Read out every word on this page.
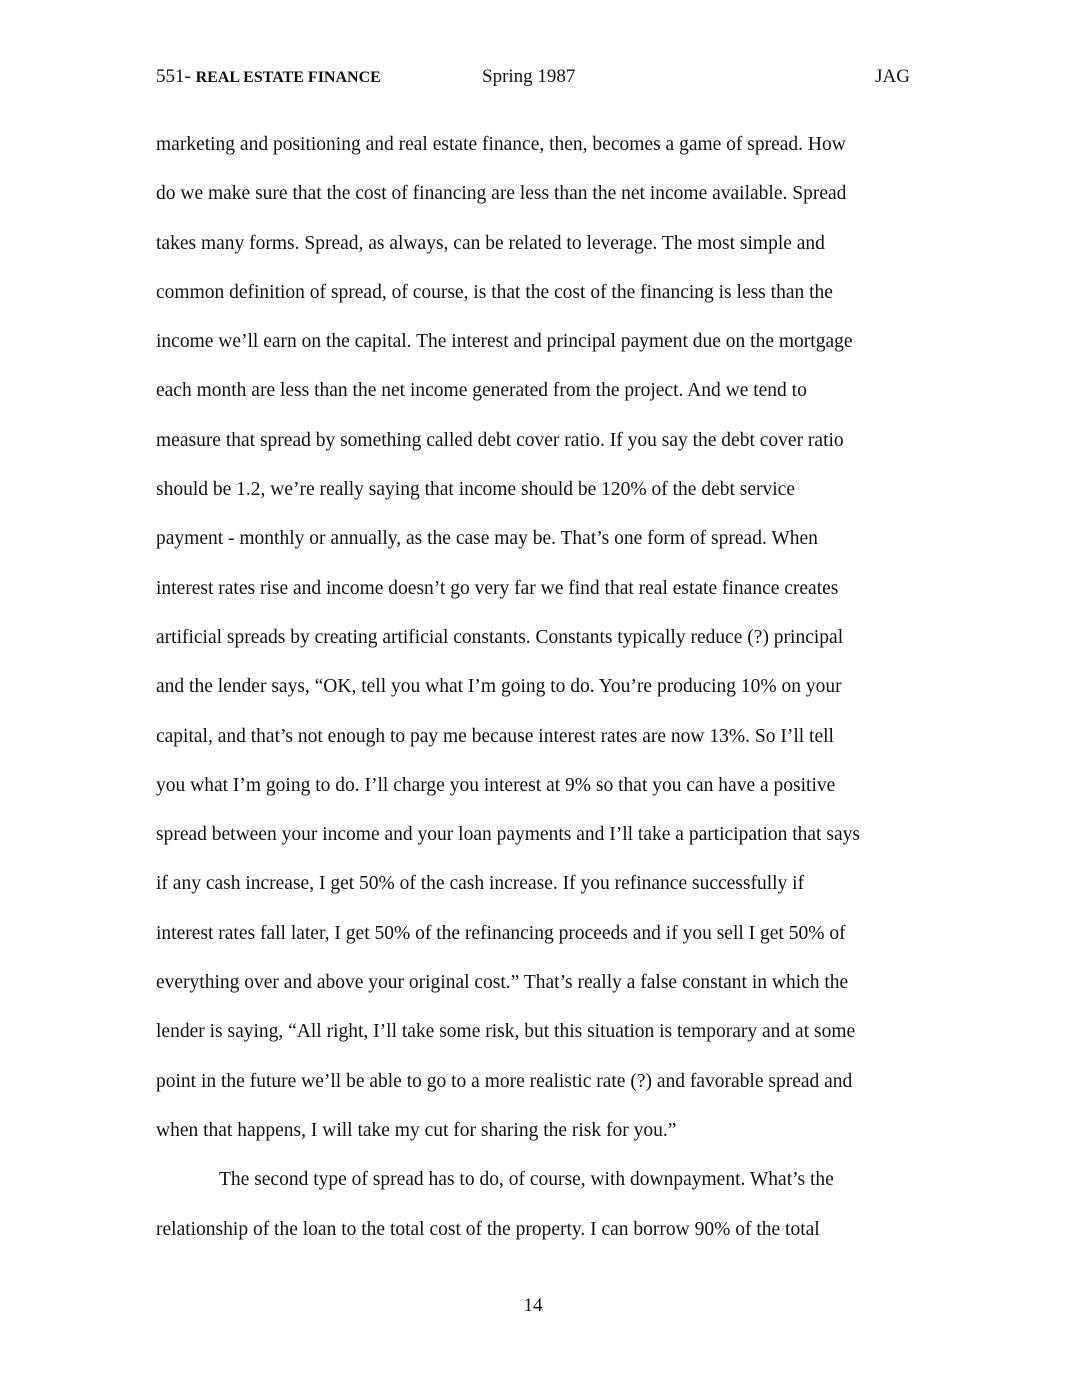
551- REAL ESTATE FINANCE	Spring 1987	JAG
marketing and positioning and real estate finance, then, becomes a game of spread. How
do we make sure that the cost of financing are less than the net income available. Spread
takes many forms. Spread, as always, can be related to leverage. The most simple and
common definition of spread, of course, is that the cost of the financing is less than the
income we’ll earn on the capital. The interest and principal payment due on the mortgage
each month are less than the net income generated from the project. And we tend to
measure that spread by something called debt cover ratio. If you say the debt cover ratio
should be 1.2, we’re really saying that income should be 120% of the debt service
payment - monthly or annually, as the case may be. That’s one form of spread. When
interest rates rise and income doesn’t go very far we find that real estate finance creates
artificial spreads by creating artificial constants. Constants typically reduce (?) principal
and the lender says, “OK, tell you what I’m going to do. You’re producing 10% on your
capital, and that’s not enough to pay me because interest rates are now 13%. So I’ll tell
you what I’m going to do. I’ll charge you interest at 9% so that you can have a positive
spread between your income and your loan payments and I’ll take a participation that says
if any cash increase, I get 50% of the cash increase. If you refinance successfully if
interest rates fall later, I get 50% of the refinancing proceeds and if you sell I get 50% of
everything over and above your original cost.” That’s really a false constant in which the
lender is saying, “All right, I’ll take some risk, but this situation is temporary and at some
point in the future we’ll be able to go to a more realistic rate (?) and favorable spread and
when that happens, I will take my cut for sharing the risk for you.”
The second type of spread has to do, of course, with downpayment. What’s the
relationship of the loan to the total cost of the property. I can borrow 90% of the total
14
